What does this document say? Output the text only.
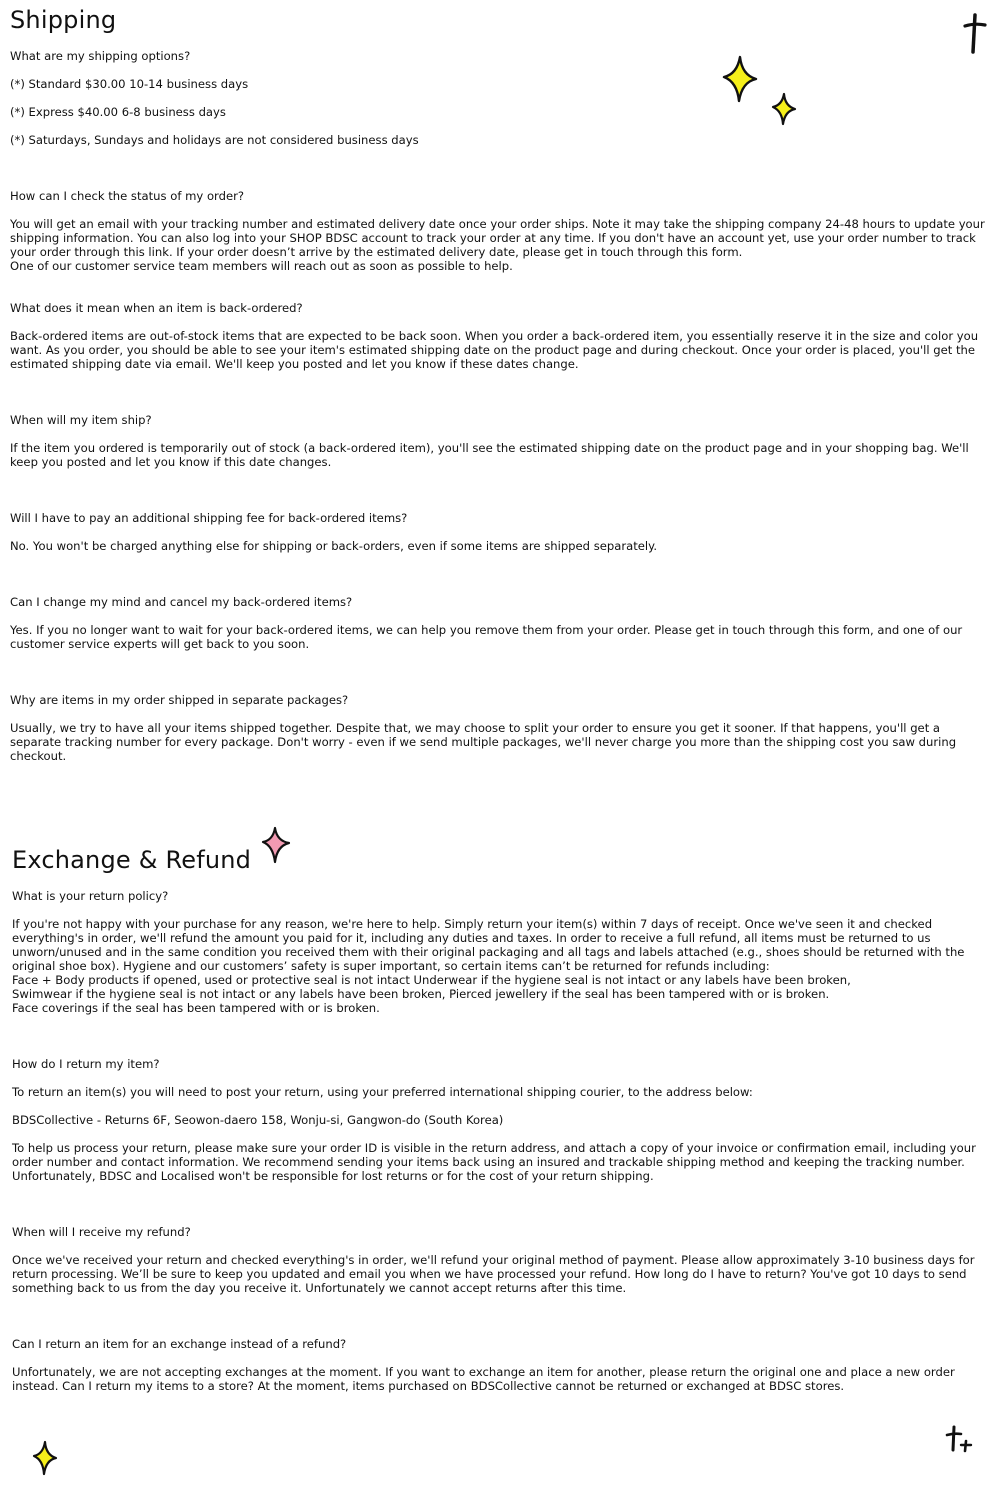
Shipping

What are my shipping options?

(*) Standard $30.00 10-14 business days

(*) Express $40.00 6-8 business days

(*) Saturdays, Sundays and holidays are not considered business days

How can I check the status of my order?

You will get an email with your tracking number and estimated delivery date once your order ships. Note it may take the shipping company 24-48 hours to update your shipping information. You can also log into your SHOP BDSC account to track your order at any time. If you don't have an account yet, use your order number to track your order through this link. If your order doesn’t arrive by the estimated delivery date, please get in touch through this form.
One of our customer service team members will reach out as soon as possible to help.

What does it mean when an item is back-ordered?

Back-ordered items are out-of-stock items that are expected to be back soon. When you order a back-ordered item, you essentially reserve it in the size and color you want. As you order, you should be able to see your item's estimated shipping date on the product page and during checkout. Once your order is placed, you'll get the estimated shipping date via email. We'll keep you posted and let you know if these dates change.

When will my item ship?

If the item you ordered is temporarily out of stock (a back-ordered item), you'll see the estimated shipping date on the product page and in your shopping bag. We'll keep you posted and let you know if this date changes.

Will I have to pay an additional shipping fee for back-ordered items?

No. You won't be charged anything else for shipping or back-orders, even if some items are shipped separately.

Can I change my mind and cancel my back-ordered items?

Yes. If you no longer want to wait for your back-ordered items, we can help you remove them from your order. Please get in touch through this form, and one of our customer service experts will get back to you soon.

Why are items in my order shipped in separate packages?

Usually, we try to have all your items shipped together. Despite that, we may choose to split your order to ensure you get it sooner. If that happens, you'll get a separate tracking number for every package. Don't worry - even if we send multiple packages, we'll never charge you more than the shipping cost you saw during checkout.

Exchange & Refund

What is your return policy?

If you're not happy with your purchase for any reason, we're here to help. Simply return your item(s) within 7 days of receipt. Once we've seen it and checked everything's in order, we'll refund the amount you paid for it, including any duties and taxes. In order to receive a full refund, all items must be returned to us unworn/unused and in the same condition you received them with their original packaging and all tags and labels attached (e.g., shoes should be returned with the original shoe box). Hygiene and our customers’ safety is super important, so certain items can’t be returned for refunds including:
Face + Body products if opened, used or protective seal is not intact Underwear if the hygiene seal is not intact or any labels have been broken,
Swimwear if the hygiene seal is not intact or any labels have been broken, Pierced jewellery if the seal has been tampered with or is broken.
Face coverings if the seal has been tampered with or is broken.

How do I return my item?

To return an item(s) you will need to post your return, using your preferred international shipping courier, to the address below:

BDSCollective - Returns 6F, Seowon-daero 158, Wonju-si, Gangwon-do (South Korea)

To help us process your return, please make sure your order ID is visible in the return address, and attach a copy of your invoice or confirmation email, including your order number and contact information. We recommend sending your items back using an insured and trackable shipping method and keeping the tracking number. Unfortunately, BDSC and Localised won't be responsible for lost returns or for the cost of your return shipping.

When will I receive my refund?

Once we've received your return and checked everything's in order, we'll refund your original method of payment. Please allow approximately 3-10 business days for return processing. We’ll be sure to keep you updated and email you when we have processed your refund. How long do I have to return? You've got 10 days to send something back to us from the day you receive it. Unfortunately we cannot accept returns after this time.

Can I return an item for an exchange instead of a refund?

Unfortunately, we are not accepting exchanges at the moment. If you want to exchange an item for another, please return the original one and place a new order instead. Can I return my items to a store? At the moment, items purchased on BDSCollective cannot be returned or exchanged at BDSC stores.
